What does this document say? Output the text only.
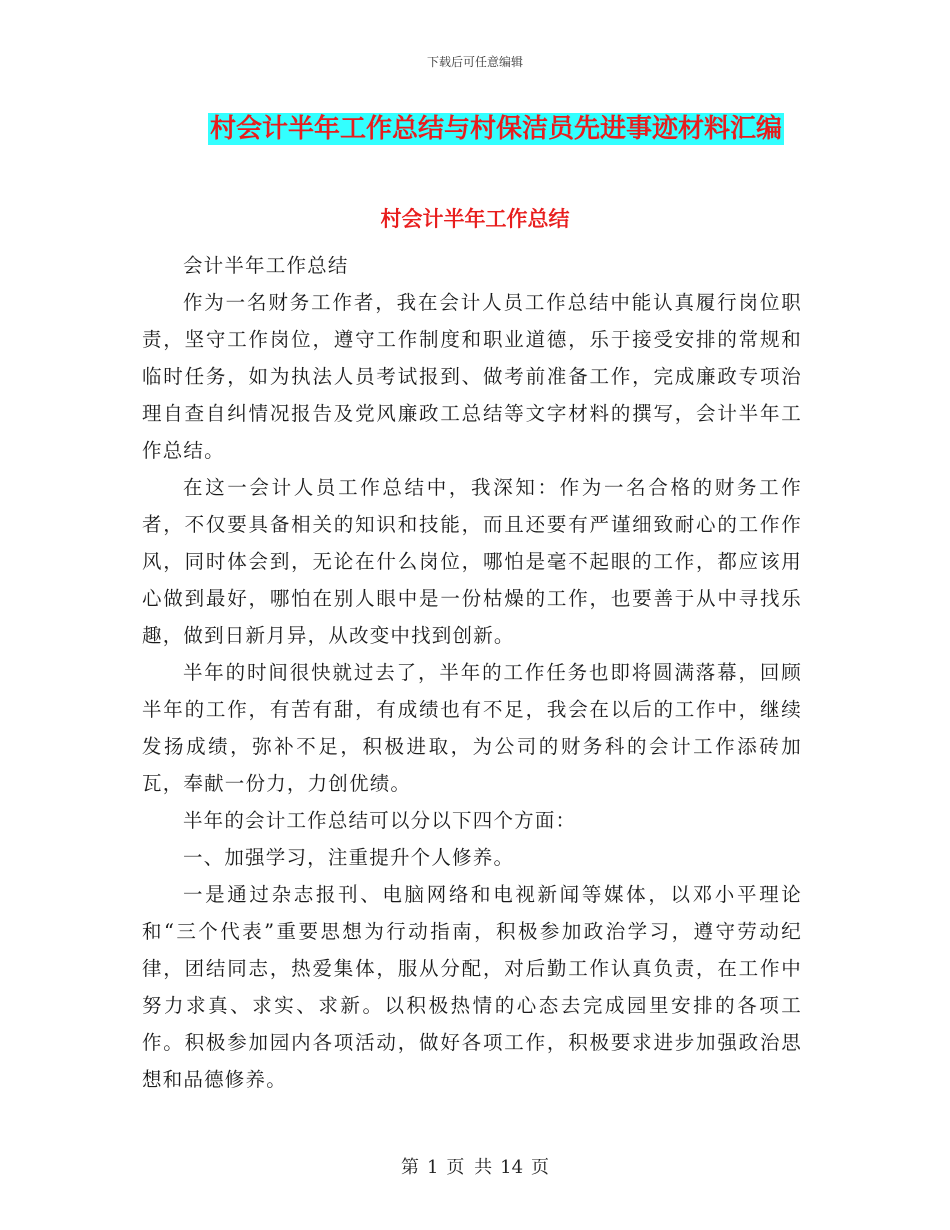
下载后可任意编辑
村会计半年工作总结与村保洁员先进事迹材料汇编
村会计半年工作总结

会计半年工作总结

作为一名财务工作者，我在会计人员工作总结中能认真履行岗位职责，坚守工作岗位，遵守工作制度和职业道德，乐于接受安排的常规和临时任务，如为执法人员考试报到、做考前准备工作，完成廉政专项治理自查自纠情况报告及党风廉政工总结等文字材料的撰写，会计半年工作总结。

在这一会计人员工作总结中，我深知：作为一名合格的财务工作者，不仅要具备相关的知识和技能，而且还要有严谨细致耐心的工作作风，同时体会到，无论在什么岗位，哪怕是毫不起眼的工作，都应该用心做到最好，哪怕在别人眼中是一份枯燥的工作，也要善于从中寻找乐趣，做到日新月异，从改变中找到创新。

半年的时间很快就过去了，半年的工作任务也即将圆满落幕，回顾半年的工作，有苦有甜，有成绩也有不足，我会在以后的工作中，继续发扬成绩，弥补不足，积极进取，为公司的财务科的会计工作添砖加瓦，奉献一份力，力创优绩。

半年的会计工作总结可以分以下四个方面：

一、加强学习，注重提升个人修养。

一是通过杂志报刊、电脑网络和电视新闻等媒体，以邓小平理论和“三个代表”重要思想为行动指南，积极参加政治学习，遵守劳动纪律，团结同志，热爱集体，服从分配，对后勤工作认真负责，在工作中努力求真、求实、求新。以积极热情的心态去完成园里安排的各项工作。积极参加园内各项活动，做好各项工作，积极要求进步加强政治思想和品德修养。

第 1 页 共 14 页
